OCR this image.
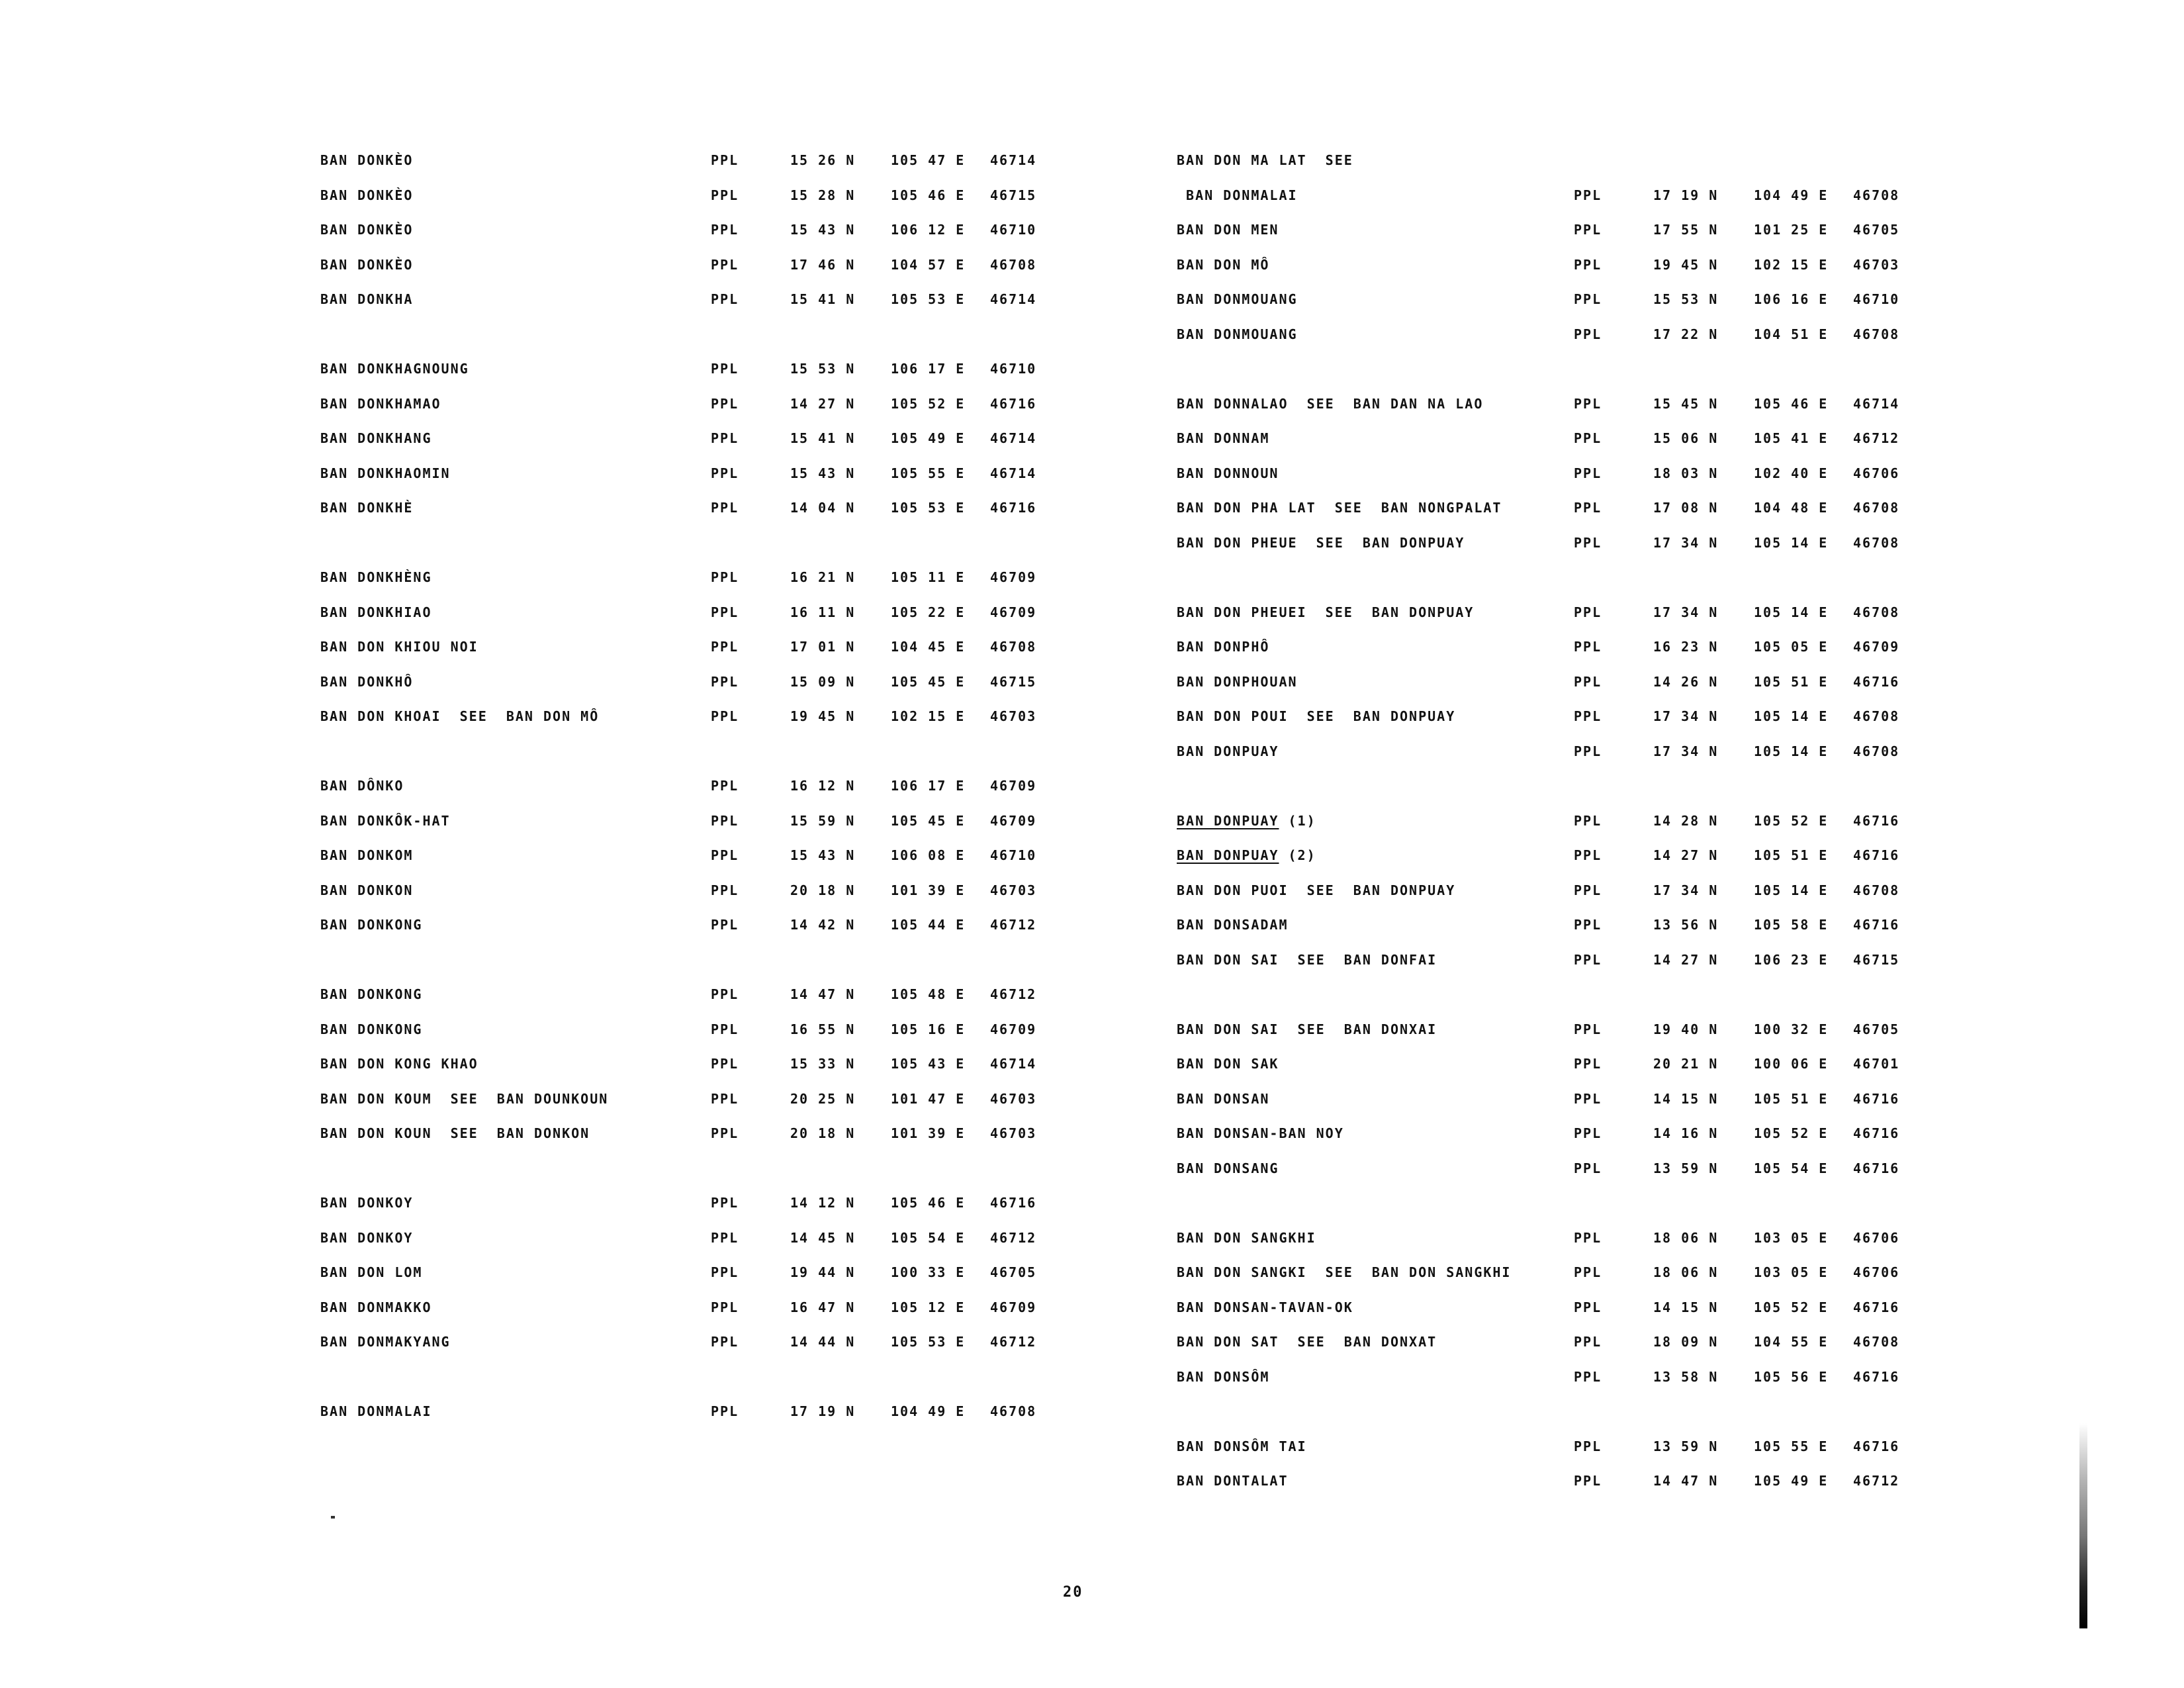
BAN DONKÈO	PPL	15 26 N	105 47 E 46714
BAN DONKÈO	PPL	15 28 N	105 46 E 46715
BAN DONKÈO	PPL	15 43 N	106 12 E 46710
BAN DONKÈO	PPL	17 46 N	104 57 E 46708
BAN DONKHA	PPL	15 41 N	105 53 E 46714
BAN DONKHAGNOUNG	PPL	15 53 N	106 17 E 46710
BAN DONKHAMAO	PPL	14 27 N	105 52 E 46716
BAN DONKHANG	PPL	15 41 N	105 49 E 46714
BAN DONKHAOMIN	PPL	15 43 N	105 55 E 46714
BAN DONKHÈ	PPL	14 04 N	105 53 E 46716
BAN DONKHÈNG	PPL	16 21 N	105 11 E 46709
BAN DONKHIAO	PPL	16 11 N	105 22 E 46709
BAN DON KHIOU NOI	PPL	17 01 N	104 45 E 46708
BAN DONKHÔ	PPL	15 09 N	105 45 E 46715
BAN DON KHOAI  SEE  BAN DON MÔ	PPL	19 45 N	102 15 E 46703
BAN DÔNKO	PPL	16 12 N	106 17 E 46709
BAN DONKÔK-HAT	PPL	15 59 N	105 45 E 46709
BAN DONKOM	PPL	15 43 N	106 08 E 46710
BAN DONKON	PPL	20 18 N	101 39 E 46703
BAN DONKONG	PPL	14 42 N	105 44 E 46712
BAN DONKONG	PPL	14 47 N	105 48 E 46712
BAN DONKONG	PPL	16 55 N	105 16 E 46709
BAN DON KONG KHAO	PPL	15 33 N	105 43 E 46714
BAN DON KOUM  SEE  BAN DOUNKOUN	PPL	20 25 N	101 47 E 46703
BAN DON KOUN  SEE  BAN DONKON	PPL	20 18 N	101 39 E 46703
BAN DONKOY	PPL	14 12 N	105 46 E 46716
BAN DONKOY	PPL	14 45 N	105 54 E 46712
BAN DON LOM	PPL	19 44 N	100 33 E 46705
BAN DONMAKKO	PPL	16 47 N	105 12 E 46709
BAN DONMAKYANG	PPL	14 44 N	105 53 E 46712
BAN DONMALAI	PPL	17 19 N	104 49 E 46708
BAN DON MA LAT  SEE
BAN DONMALAI	PPL	17 19 N	104 49 E 46708
BAN DON MEN	PPL	17 55 N	101 25 E 46705
BAN DON MÔ	PPL	19 45 N	102 15 E 46703
BAN DONMOUANG	PPL	15 53 N	106 16 E 46710
BAN DONMOUANG	PPL	17 22 N	104 51 E 46708
BAN DONNALAO  SEE  BAN DAN NA LAO	PPL	15 45 N	105 46 E 46714
BAN DONNAM	PPL	15 06 N	105 41 E 46712
BAN DONNOUN	PPL	18 03 N	102 40 E 46706
BAN DON PHA LAT  SEE  BAN NONGPALAT	PPL	17 08 N	104 48 E 46708
BAN DON PHEUE  SEE  BAN DONPUAY	PPL	17 34 N	105 14 E 46708
BAN DON PHEUEI  SEE  BAN DONPUAY	PPL	17 34 N	105 14 E 46708
BAN DONPHÔ	PPL	16 23 N	105 05 E 46709
BAN DONPHOUAN	PPL	14 26 N	105 51 E 46716
BAN DON POUI  SEE  BAN DONPUAY	PPL	17 34 N	105 14 E 46708
BAN DONPUAY	PPL	17 34 N	105 14 E 46708
BAN DONPUAY (1)	PPL	14 28 N	105 52 E 46716
BAN DONPUAY (2)	PPL	14 27 N	105 51 E 46716
BAN DON PUOI  SEE  BAN DONPUAY	PPL	17 34 N	105 14 E 46708
BAN DONSADAM	PPL	13 56 N	105 58 E 46716
BAN DON SAI  SEE  BAN DONFAI	PPL	14 27 N	106 23 E 46715
BAN DON SAI  SEE  BAN DONXAI	PPL	19 40 N	100 32 E 46705
BAN DON SAK	PPL	20 21 N	100 06 E 46701
BAN DONSAN	PPL	14 15 N	105 51 E 46716
BAN DONSAN-BAN NOY	PPL	14 16 N	105 52 E 46716
BAN DONSANG	PPL	13 59 N	105 54 E 46716
BAN DON SANGKHI	PPL	18 06 N	103 05 E 46706
BAN DON SANGKI  SEE  BAN DON SANGKHI	PPL	18 06 N	103 05 E 46706
BAN DONSAN-TAVAN-OK	PPL	14 15 N	105 52 E 46716
BAN DON SAT  SEE  BAN DONXAT	PPL	18 09 N	104 55 E 46708
BAN DONSÔM	PPL	13 58 N	105 56 E 46716
BAN DONSÔM TAI	PPL	13 59 N	105 55 E 46716
BAN DONTALAT	PPL	14 47 N	105 49 E 46712
20
